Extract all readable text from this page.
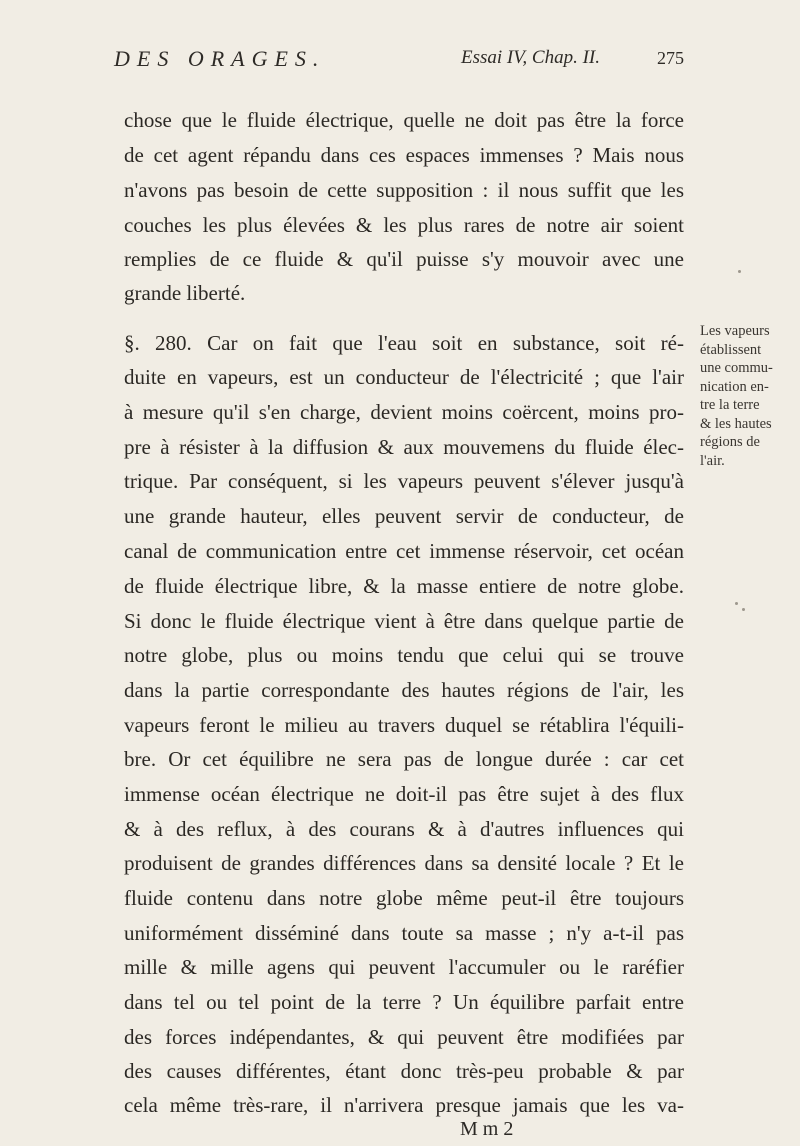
DES ORAGES.	Essai IV, Chap. II.	275
chose que le fluide électrique, quelle ne doit pas être la force
de cet agent répandu dans ces espaces immenses ? Mais nous
n'avons pas besoin de cette supposition : il nous suffit que les
couches les plus élevées & les plus rares de notre air soient
remplies de ce fluide & qu'il puisse s'y mouvoir avec une
grande liberté.
§. 280. Car on fait que l'eau soit en substance, soit ré-
duite en vapeurs, est un conducteur de l'électricité ; que l'air
à mesure qu'il s'en charge, devient moins coërcent, moins pro-
pre à résister à la diffusion & aux mouvemens du fluide élec-
trique. Par conséquent, si les vapeurs peuvent s'élever jusqu'à
une grande hauteur, elles peuvent servir de conducteur, de
canal de communication entre cet immense réservoir, cet océan
de fluide électrique libre, & la masse entiere de notre globe.
Si donc le fluide électrique vient à être dans quelque partie de
notre globe, plus ou moins tendu que celui qui se trouve
dans la partie correspondante des hautes régions de l'air, les
vapeurs feront le milieu au travers duquel se rétablira l'équili-
bre. Or cet équilibre ne sera pas de longue durée : car cet
immense océan électrique ne doit-il pas être sujet à des flux
& à des reflux, à des courans & à d'autres influences qui
produisent de grandes différences dans sa densité locale ? Et le
fluide contenu dans notre globe même peut-il être toujours
uniformément disséminé dans toute sa masse ; n'y a-t-il pas
mille & mille agens qui peuvent l'accumuler ou le raréfier
dans tel ou tel point de la terre ? Un équilibre parfait entre
des forces indépendantes, & qui peuvent être modifiées par
des causes différentes, étant donc très-peu probable & par
cela même très-rare, il n'arrivera presque jamais que les va-
M m 2
Les vapeurs
établissent
une commu-
nication en-
tre la terre
& les hautes
régions de
l'air.
